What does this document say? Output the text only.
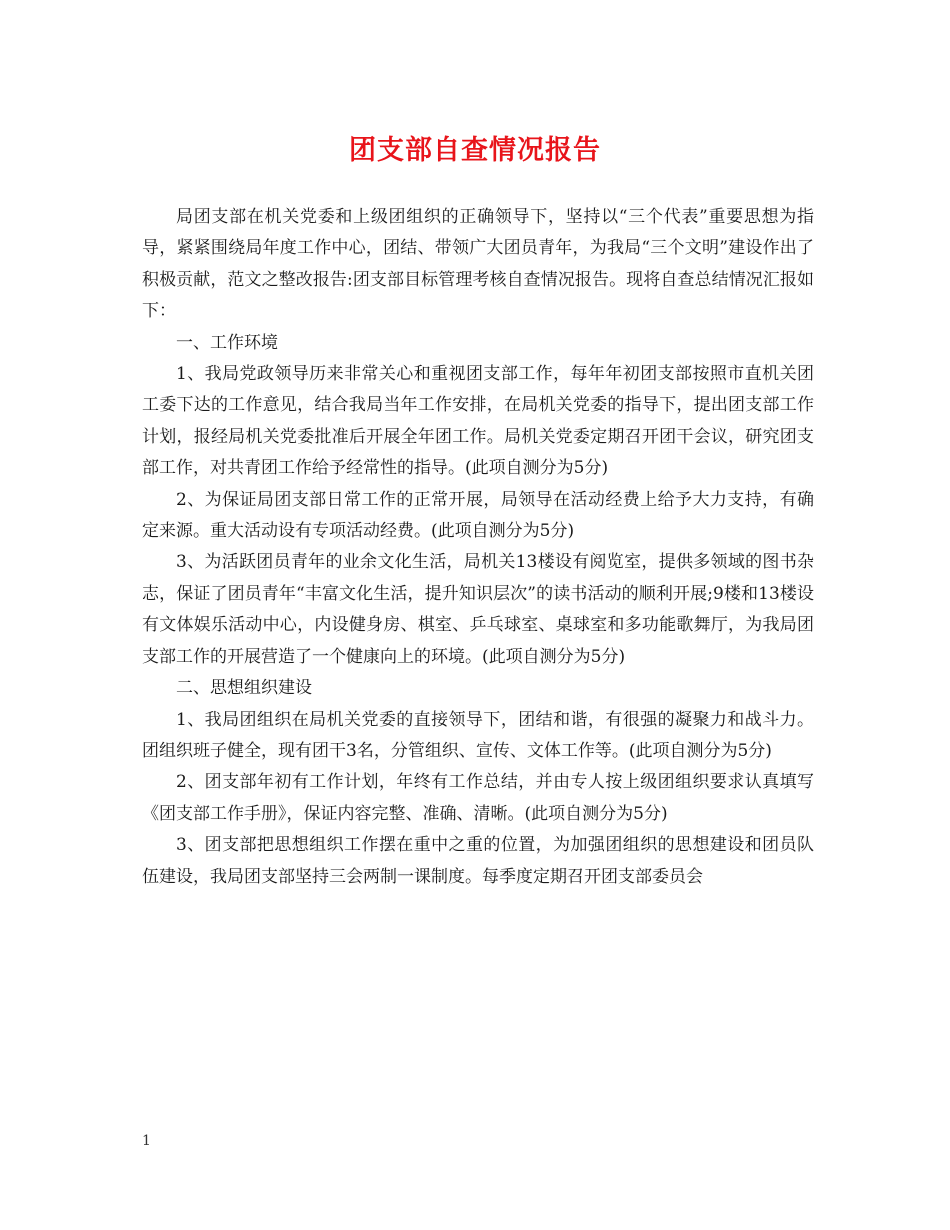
团支部自查情况报告

局团支部在机关党委和上级团组织的正确领导下，坚持以“三个代表”重要思想为指导，紧紧围绕局年度工作中心，团结、带领广大团员青年，为我局“三个文明”建设作出了积极贡献，范文之整改报告:团支部目标管理考核自查情况报告。现将自查总结情况汇报如下：

一、工作环境

1、我局党政领导历来非常关心和重视团支部工作，每年年初团支部按照市直机关团工委下达的工作意见，结合我局当年工作安排，在局机关党委的指导下，提出团支部工作计划，报经局机关党委批准后开展全年团工作。局机关党委定期召开团干会议，研究团支部工作，对共青团工作给予经常性的指导。(此项自测分为5分)

2、为保证局团支部日常工作的正常开展，局领导在活动经费上给予大力支持，有确定来源。重大活动设有专项活动经费。(此项自测分为5分)

3、为活跃团员青年的业余文化生活，局机关13楼设有阅览室，提供多领域的图书杂志，保证了团员青年“丰富文化生活，提升知识层次”的读书活动的顺利开展;9楼和13楼设有文体娱乐活动中心，内设健身房、棋室、乒乓球室、桌球室和多功能歌舞厅，为我局团支部工作的开展营造了一个健康向上的环境。(此项自测分为5分)

二、思想组织建设

1、我局团组织在局机关党委的直接领导下，团结和谐，有很强的凝聚力和战斗力。团组织班子健全，现有团干3名，分管组织、宣传、文体工作等。(此项自测分为5分)

2、团支部年初有工作计划，年终有工作总结，并由专人按上级团组织要求认真填写《团支部工作手册》，保证内容完整、准确、清晰。(此项自测分为5分)

3、团支部把思想组织工作摆在重中之重的位置，为加强团组织的思想建设和团员队伍建设，我局团支部坚持三会两制一课制度。每季度定期召开团支部委员会

1
